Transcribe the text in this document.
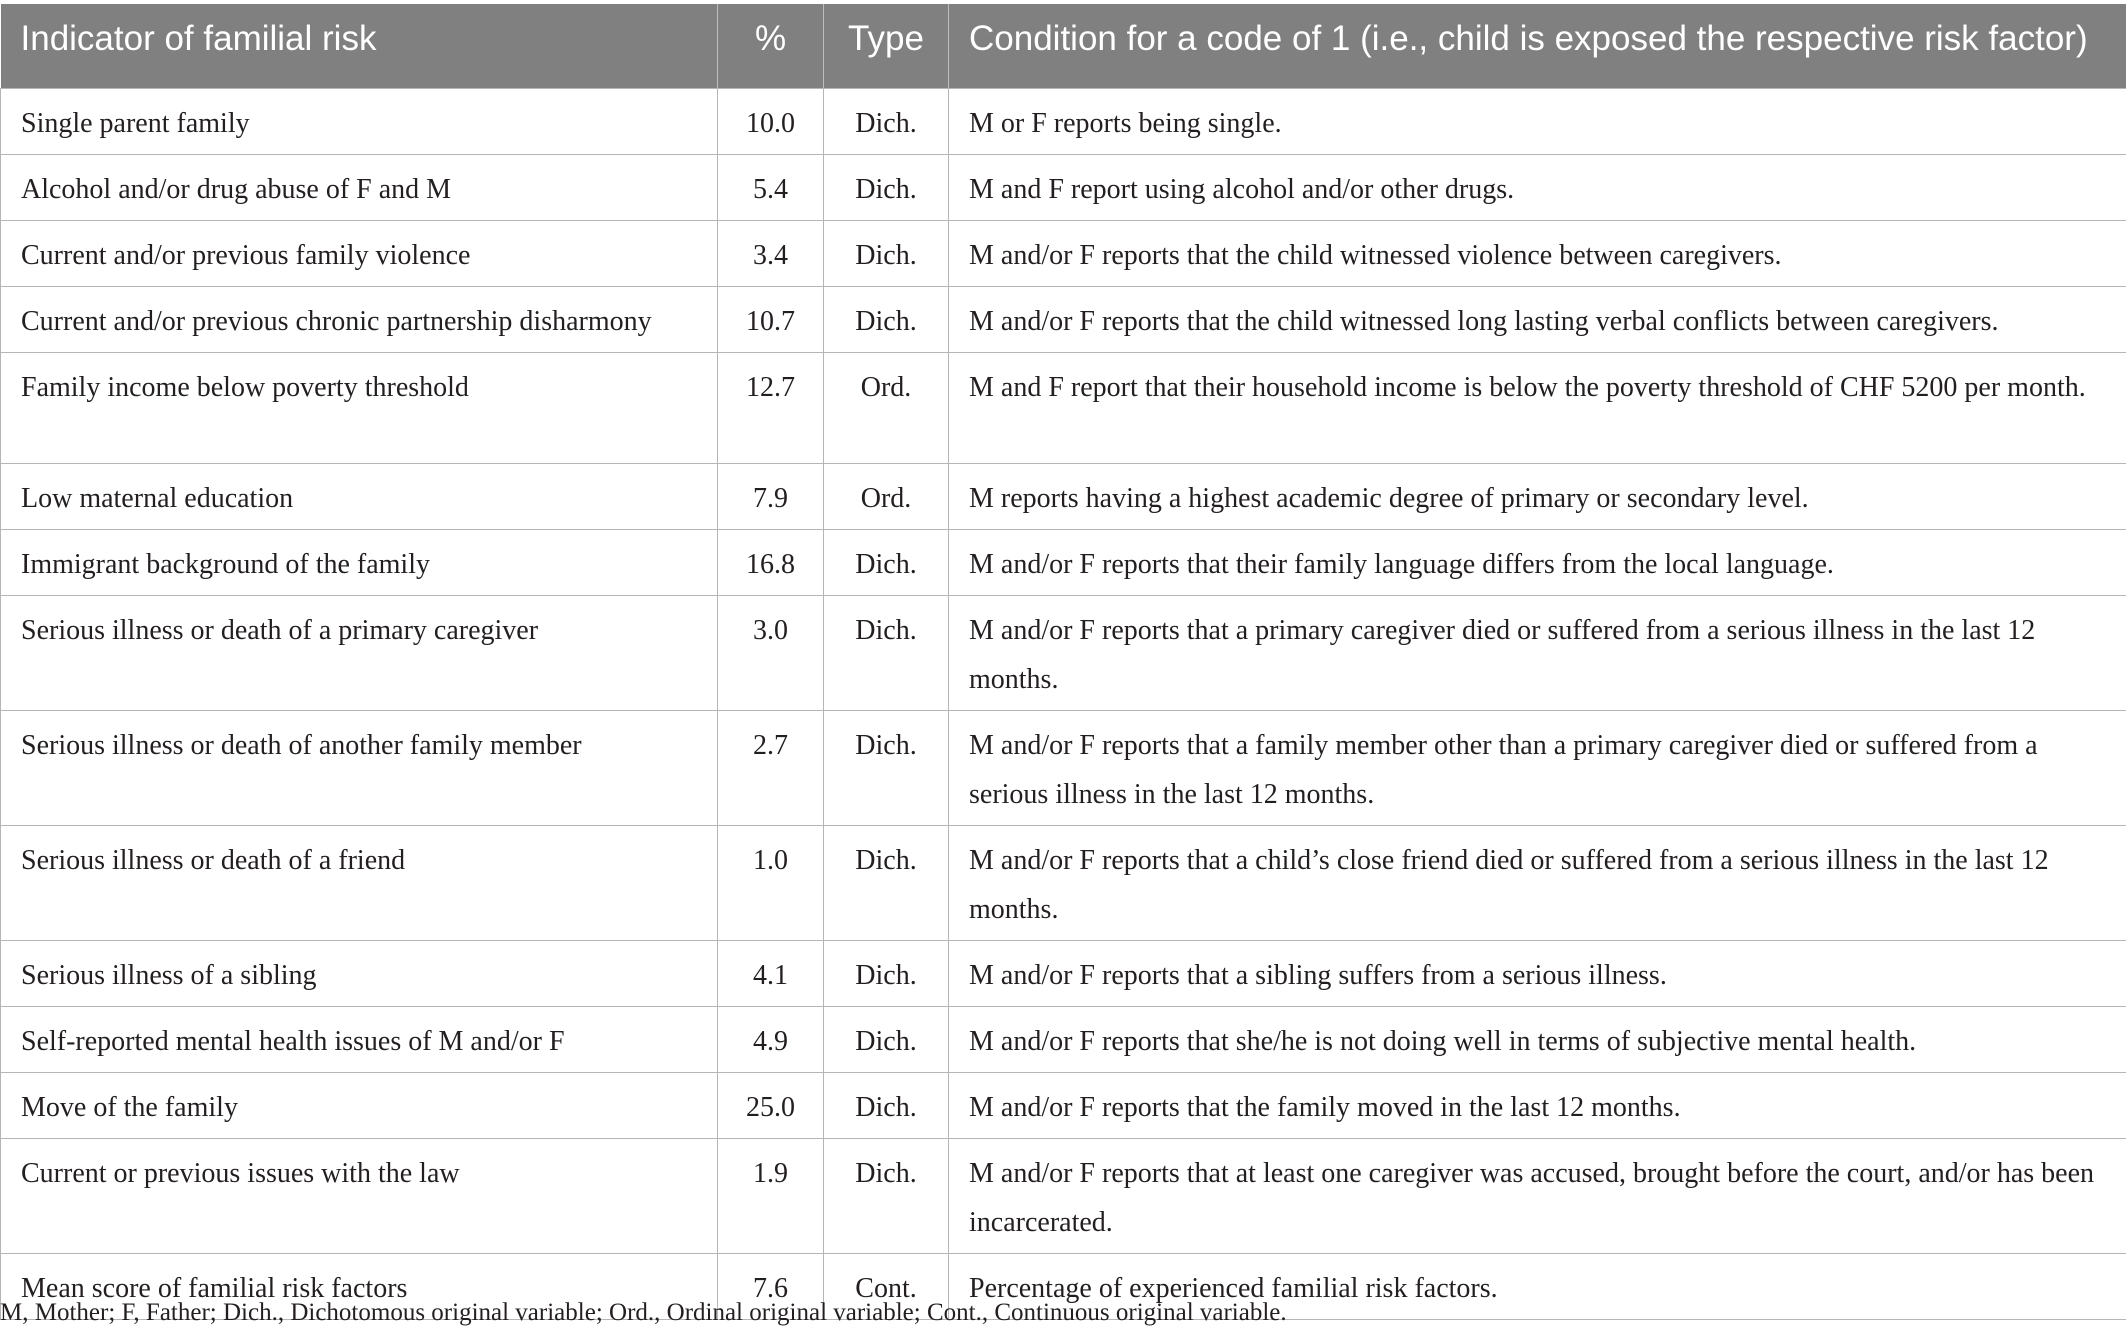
Indicator of familial risk	%	Type	Condition for a code of 1 (i.e., child is exposed the respective risk factor)
Single parent family	10.0	Dich.	M or F reports being single.
Alcohol and/or drug abuse of F and M	5.4	Dich.	M and F report using alcohol and/or other drugs.
Current and/or previous family violence	3.4	Dich.	M and/or F reports that the child witnessed violence between caregivers.
Current and/or previous chronic partnership disharmony	10.7	Dich.	M and/or F reports that the child witnessed long lasting verbal conflicts between caregivers.
Family income below poverty threshold	12.7	Ord.	M and F report that their household income is below the poverty threshold of CHF 5200 per month.
Low maternal education	7.9	Ord.	M reports having a highest academic degree of primary or secondary level.
Immigrant background of the family	16.8	Dich.	M and/or F reports that their family language differs from the local language.
Serious illness or death of a primary caregiver	3.0	Dich.	M and/or F reports that a primary caregiver died or suffered from a serious illness in the last 12 months.
Serious illness or death of another family member	2.7	Dich.	M and/or F reports that a family member other than a primary caregiver died or suffered from a serious illness in the last 12 months.
Serious illness or death of a friend	1.0	Dich.	M and/or F reports that a child’s close friend died or suffered from a serious illness in the last 12 months.
Serious illness of a sibling	4.1	Dich.	M and/or F reports that a sibling suffers from a serious illness.
Self-reported mental health issues of M and/or F	4.9	Dich.	M and/or F reports that she/he is not doing well in terms of subjective mental health.
Move of the family	25.0	Dich.	M and/or F reports that the family moved in the last 12 months.
Current or previous issues with the law	1.9	Dich.	M and/or F reports that at least one caregiver was accused, brought before the court, and/or has been incarcerated.
Mean score of familial risk factors	7.6	Cont.	Percentage of experienced familial risk factors.
M, Mother; F, Father; Dich., Dichotomous original variable; Ord., Ordinal original variable; Cont., Continuous original variable.
